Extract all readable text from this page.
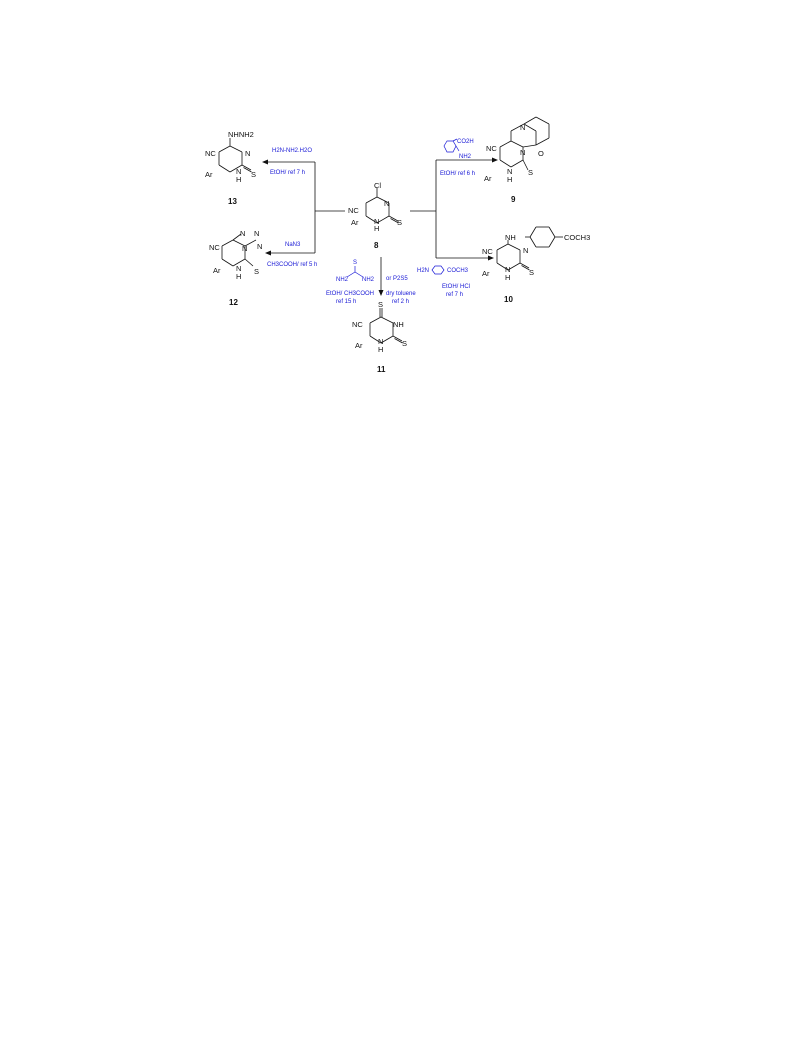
Cl
NC
Ar
N
N
H
S
8
NHNH2
NC
Ar
N
N
H
S
13
NC
Ar
N N
N
N
N
H
S
12
NC
Ar
N
N
N
H
O
S
9
NH	COCH3
NC
Ar
N
N
H
S
10
S
NH
NC
Ar N
H
S
11
H2N-NH2.H2O
EtOH/ ref 7 h
NaN3
CH3COOH/ ref 5 h
CO2H
NH2
EtOH/ ref 6 h
H2N	COCH3
EtOH/ HCl
ref 7 h
S
NH2 NH2
EtOH/ CH3COOH
ref 15 h
or P2S5
dry toluene
ref 2 h
